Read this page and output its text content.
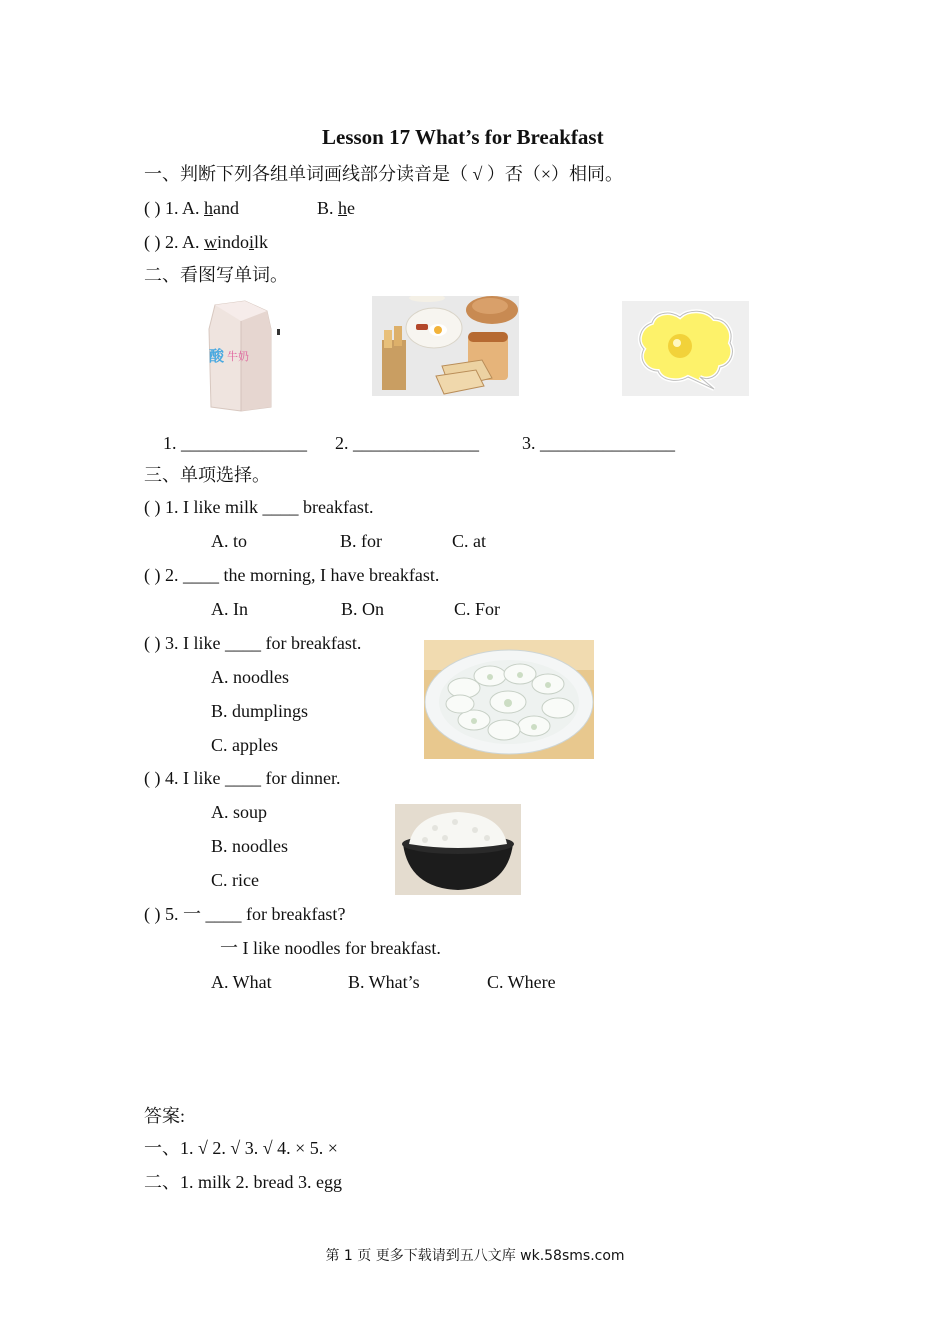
Lesson 17 What’s for Breakfast
一、判断下列各组单词画线部分读音是（ √ ）否（×）相同。
( ) 1. A. hand	B. he
( ) 2. A. windoilk
二、看图写单词。
酸 牛奶
1. ______________ 2. ______________ 3. _______________
三、单项选择。
( ) 1. I like milk ____ breakfast.
A. to	B. for	C. at
( ) 2. ____ the morning, I have breakfast.
A. In	B. On	C. For
( ) 3. I like ____ for breakfast.
A. noodles
B. dumplings
C. apples
( ) 4. I like ____ for dinner.
A. soup
B. noodles
C. rice
( ) 5. 一 ____ for breakfast?
一 I like noodles for breakfast.
A. What	B. What’s	C. Where
答案:
一、1. √ 2. √ 3. √ 4. × 5. ×
二、1. milk 2. bread 3. egg
第 1 页 更多下载请到五八文库 wk.58sms.com
